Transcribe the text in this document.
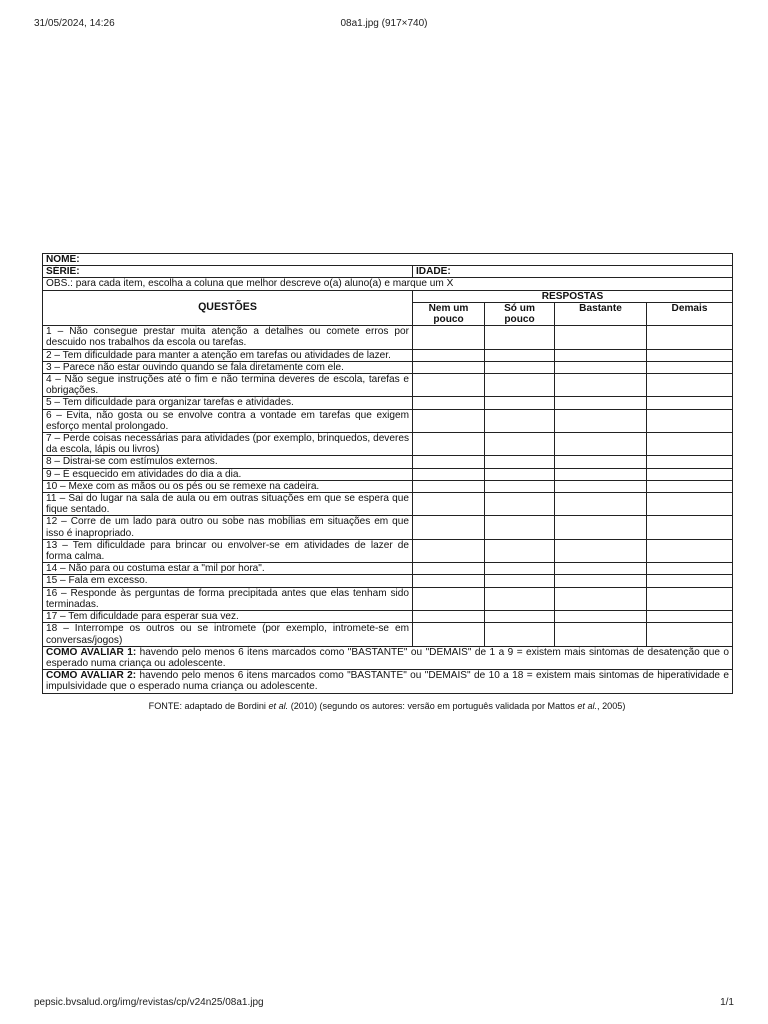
31/05/2024, 14:26	08a1.jpg (917×740)
NOME:				
SÉRIE:	IDADE:			
OBS.: para cada item, escolha a coluna que melhor descreve o(a) aluno(a) e marque um X				
QUESTÕES	RESPOSTAS			
	Nem um pouco	Só um pouco	Bastante	Demais
1 – Não consegue prestar muita atenção a detalhes ou comete erros por descuido nos trabalhos da escola ou tarefas.				
2 – Tem dificuldade para manter a atenção em tarefas ou atividades de lazer.				
3 – Parece não estar ouvindo quando se fala diretamente com ele.				
4 – Não segue instruções até o fim e não termina deveres de escola, tarefas e obrigações.				
5 – Tem dificuldade para organizar tarefas e atividades.				
6 – Evita, não gosta ou se envolve contra a vontade em tarefas que exigem esforço mental prolongado.				
7 – Perde coisas necessárias para atividades (por exemplo, brinquedos, deveres da escola, lápis ou livros)				
8 – Distrai-se com estímulos externos.				
9 – É esquecido em atividades do dia a dia.				
10 – Mexe com as mãos ou os pés ou se remexe na cadeira.				
11 – Sai do lugar na sala de aula ou em outras situações em que se espera que fique sentado.				
12 – Corre de um lado para outro ou sobe nas mobílias em situações em que isso é inapropriado.				
13 – Tem dificuldade para brincar ou envolver-se em atividades de lazer de forma calma.				
14 – Não para ou costuma estar a "mil por hora".				
15 – Fala em excesso.				
16 – Responde às perguntas de forma precipitada antes que elas tenham sido terminadas.				
17 – Tem dificuldade para esperar sua vez.				
18 – Interrompe os outros ou se intromete (por exemplo, intromete-se em conversas/jogos)				
COMO AVALIAR 1: havendo pelo menos 6 itens marcados como "BASTANTE" ou "DEMAIS" de 1 a 9 = existem mais sintomas de desatenção que o esperado numa criança ou adolescente.				
COMO AVALIAR 2: havendo pelo menos 6 itens marcados como "BASTANTE" ou "DEMAIS" de 10 a 18 = existem mais sintomas de hiperatividade e impulsividade que o esperado numa criança ou adolescente.				
FONTE: adaptado de Bordini et al. (2010) (segundo os autores: versão em português validada por Mattos et al., 2005)
pepsic.bvsalud.org/img/revistas/cp/v24n25/08a1.jpg	1/1
